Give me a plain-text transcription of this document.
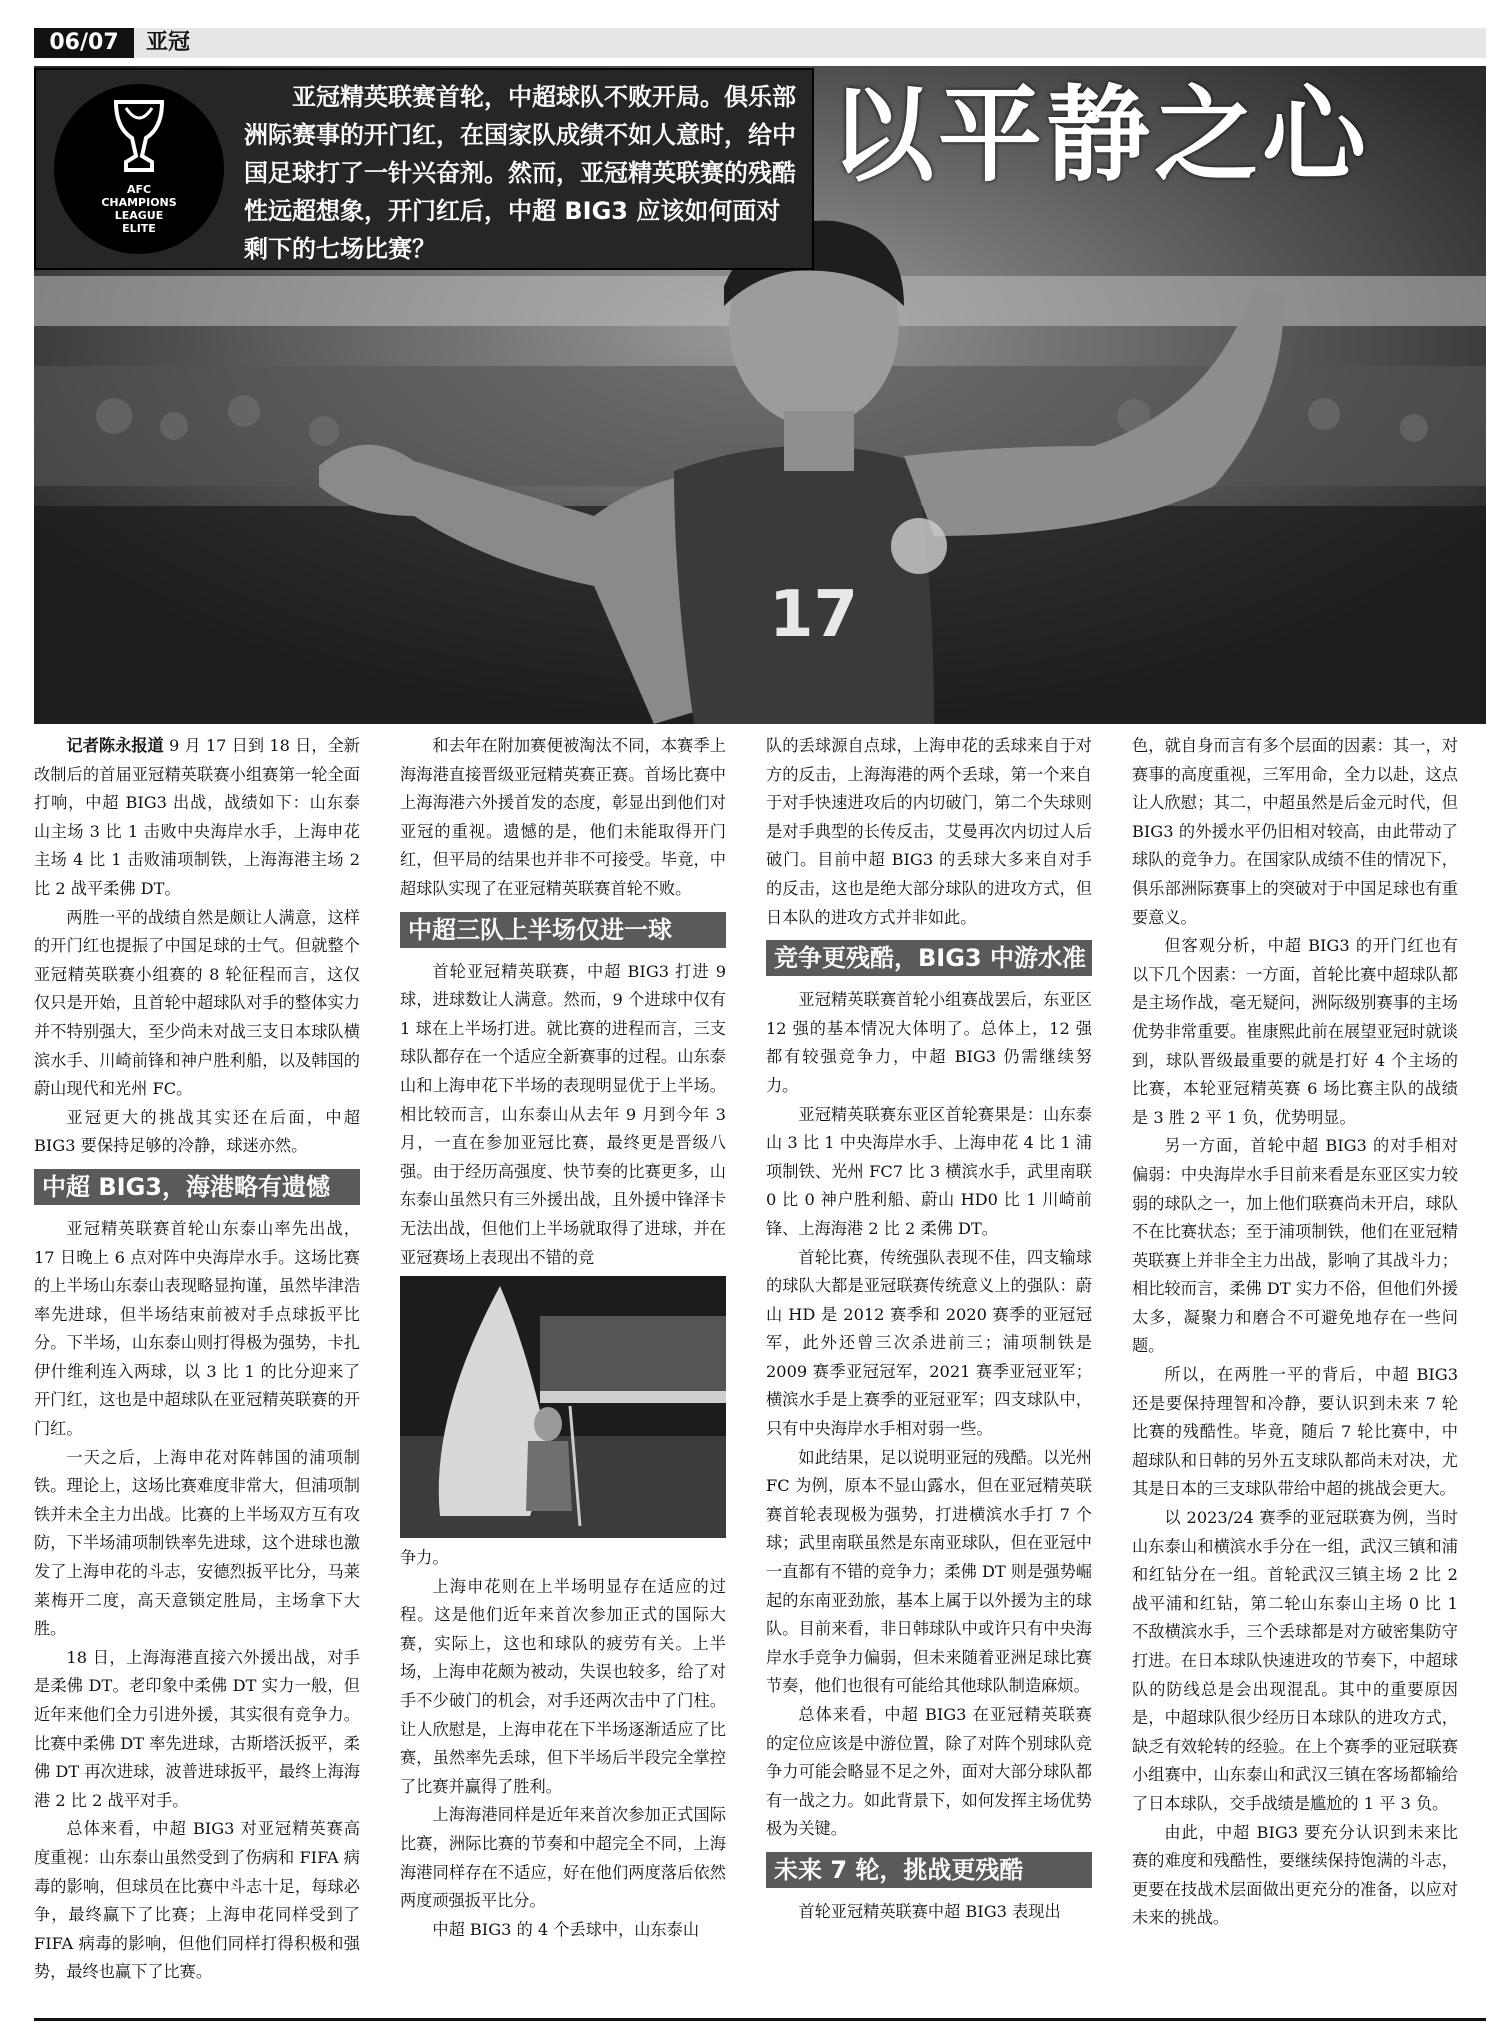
06/07	亚冠
17
AFC
CHAMPIONS
LEAGUE
ELITE
亚冠精英联赛首轮，中超球队不败开局。俱乐部洲际赛事的开门红，在国家队成绩不如人意时，给中国足球打了一针兴奋剂。然而，亚冠精英联赛的残酷性远超想象，开门红后，中超 BIG3 应该如何面对剩下的七场比赛？
以平静之心

记者陈永报道 9 月 17 日到 18 日，全新改制后的首届亚冠精英联赛小组赛第一轮全面打响，中超 BIG3 出战，战绩如下：山东泰山主场 3 比 1 击败中央海岸水手，上海申花主场 4 比 1 击败浦项制铁，上海海港主场 2 比 2 战平柔佛 DT。

两胜一平的战绩自然是颇让人满意，这样的开门红也提振了中国足球的士气。但就整个亚冠精英联赛小组赛的 8 轮征程而言，这仅仅只是开始，且首轮中超球队对手的整体实力并不特别强大，至少尚未对战三支日本球队横滨水手、川崎前锋和神户胜利船，以及韩国的蔚山现代和光州 FC。

亚冠更大的挑战其实还在后面，中超 BIG3 要保持足够的冷静，球迷亦然。

中超 BIG3，海港略有遗憾

亚冠精英联赛首轮山东泰山率先出战，17 日晚上 6 点对阵中央海岸水手。这场比赛的上半场山东泰山表现略显拘谨，虽然毕津浩率先进球，但半场结束前被对手点球扳平比分。下半场，山东泰山则打得极为强势，卡扎伊什维利连入两球，以 3 比 1 的比分迎来了开门红，这也是中超球队在亚冠精英联赛的开门红。

一天之后，上海申花对阵韩国的浦项制铁。理论上，这场比赛难度非常大，但浦项制铁并未全主力出战。比赛的上半场双方互有攻防，下半场浦项制铁率先进球，这个进球也激发了上海申花的斗志，安德烈扳平比分，马莱莱梅开二度，高天意锁定胜局，主场拿下大胜。

18 日，上海海港直接六外援出战，对手是柔佛 DT。老印象中柔佛 DT 实力一般，但近年来他们全力引进外援，其实很有竞争力。比赛中柔佛 DT 率先进球，古斯塔沃扳平，柔佛 DT 再次进球，波普进球扳平，最终上海海港 2 比 2 战平对手。

总体来看，中超 BIG3 对亚冠精英赛高度重视：山东泰山虽然受到了伤病和 FIFA 病毒的影响，但球员在比赛中斗志十足，每球必争，最终赢下了比赛；上海申花同样受到了 FIFA 病毒的影响，但他们同样打得积极和强势，最终也赢下了比赛。

和去年在附加赛便被淘汰不同，本赛季上海海港直接晋级亚冠精英赛正赛。首场比赛中上海海港六外援首发的态度，彰显出到他们对亚冠的重视。遗憾的是，他们未能取得开门红，但平局的结果也并非不可接受。毕竟，中超球队实现了在亚冠精英联赛首轮不败。

中超三队上半场仅进一球

首轮亚冠精英联赛，中超 BIG3 打进 9 球，进球数让人满意。然而，9 个进球中仅有 1 球在上半场打进。就比赛的进程而言，三支球队都存在一个适应全新赛事的过程。山东泰山和上海申花下半场的表现明显优于上半场。相比较而言，山东泰山从去年 9 月到今年 3 月，一直在参加亚冠比赛，最终更是晋级八强。由于经历高强度、快节奏的比赛更多，山东泰山虽然只有三外援出战，且外援中锋泽卡无法出战，但他们上半场就取得了进球，并在亚冠赛场上表现出不错的竞

争力。

上海申花则在上半场明显存在适应的过程。这是他们近年来首次参加正式的国际大赛，实际上，这也和球队的疲劳有关。上半场，上海申花颇为被动，失误也较多，给了对手不少破门的机会，对手还两次击中了门柱。让人欣慰是，上海申花在下半场逐渐适应了比赛，虽然率先丢球，但下半场后半段完全掌控了比赛并赢得了胜利。

上海海港同样是近年来首次参加正式国际比赛，洲际比赛的节奏和中超完全不同，上海海港同样存在不适应，好在他们两度落后依然两度顽强扳平比分。

中超 BIG3 的 4 个丢球中，山东泰山

队的丢球源自点球，上海申花的丢球来自于对方的反击，上海海港的两个丢球，第一个来自于对手快速进攻后的内切破门，第二个失球则是对手典型的长传反击，艾曼再次内切过人后破门。目前中超 BIG3 的丢球大多来自对手的反击，这也是绝大部分球队的进攻方式，但日本队的进攻方式并非如此。

竞争更残酷，BIG3 中游水准

亚冠精英联赛首轮小组赛战罢后，东亚区 12 强的基本情况大体明了。总体上，12 强都有较强竞争力，中超 BIG3 仍需继续努力。

亚冠精英联赛东亚区首轮赛果是：山东泰山 3 比 1 中央海岸水手、上海申花 4 比 1 浦项制铁、光州 FC7 比 3 横滨水手，武里南联 0 比 0 神户胜利船、蔚山 HD0 比 1 川崎前锋、上海海港 2 比 2 柔佛 DT。

首轮比赛，传统强队表现不佳，四支输球的球队大都是亚冠联赛传统意义上的强队：蔚山 HD 是 2012 赛季和 2020 赛季的亚冠冠军，此外还曾三次杀进前三；浦项制铁是 2009 赛季亚冠冠军，2021 赛季亚冠亚军；横滨水手是上赛季的亚冠亚军；四支球队中，只有中央海岸水手相对弱一些。

如此结果，足以说明亚冠的残酷。以光州 FC 为例，原本不显山露水，但在亚冠精英联赛首轮表现极为强势，打进横滨水手打 7 个球；武里南联虽然是东南亚球队，但在亚冠中一直都有不错的竞争力；柔佛 DT 则是强势崛起的东南亚劲旅，基本上属于以外援为主的球队。目前来看，非日韩球队中或许只有中央海岸水手竞争力偏弱，但未来随着亚洲足球比赛节奏，他们也很有可能给其他球队制造麻烦。

总体来看，中超 BIG3 在亚冠精英联赛的定位应该是中游位置，除了对阵个别球队竞争力可能会略显不足之外，面对大部分球队都有一战之力。如此背景下，如何发挥主场优势极为关键。

未来 7 轮，挑战更残酷

首轮亚冠精英联赛中超 BIG3 表现出

色，就自身而言有多个层面的因素：其一，对赛事的高度重视，三军用命，全力以赴，这点让人欣慰；其二，中超虽然是后金元时代，但 BIG3 的外援水平仍旧相对较高，由此带动了球队的竞争力。在国家队成绩不佳的情况下，俱乐部洲际赛事上的突破对于中国足球也有重要意义。

但客观分析，中超 BIG3 的开门红也有以下几个因素：一方面，首轮比赛中超球队都是主场作战，毫无疑问，洲际级别赛事的主场优势非常重要。崔康熙此前在展望亚冠时就谈到，球队晋级最重要的就是打好 4 个主场的比赛，本轮亚冠精英赛 6 场比赛主队的战绩是 3 胜 2 平 1 负，优势明显。

另一方面，首轮中超 BIG3 的对手相对偏弱：中央海岸水手目前来看是东亚区实力较弱的球队之一，加上他们联赛尚未开启，球队不在比赛状态；至于浦项制铁，他们在亚冠精英联赛上并非全主力出战，影响了其战斗力；相比较而言，柔佛 DT 实力不俗，但他们外援太多，凝聚力和磨合不可避免地存在一些问题。

所以，在两胜一平的背后，中超 BIG3 还是要保持理智和冷静，要认识到未来 7 轮比赛的残酷性。毕竟，随后 7 轮比赛中，中超球队和日韩的另外五支球队都尚未对决，尤其是日本的三支球队带给中超的挑战会更大。

以 2023/24 赛季的亚冠联赛为例，当时山东泰山和横滨水手分在一组，武汉三镇和浦和红钻分在一组。首轮武汉三镇主场 2 比 2 战平浦和红钻，第二轮山东泰山主场 0 比 1 不敌横滨水手，三个丢球都是对方破密集防守打进。在日本球队快速进攻的节奏下，中超球队的防线总是会出现混乱。其中的重要原因是，中超球队很少经历日本球队的进攻方式，缺乏有效轮转的经验。在上个赛季的亚冠联赛小组赛中，山东泰山和武汉三镇在客场都输给了日本球队，交手战绩是尴尬的 1 平 3 负。

由此，中超 BIG3 要充分认识到未来比赛的难度和残酷性，要继续保持饱满的斗志，更要在技战术层面做出更充分的准备，以应对未来的挑战。
